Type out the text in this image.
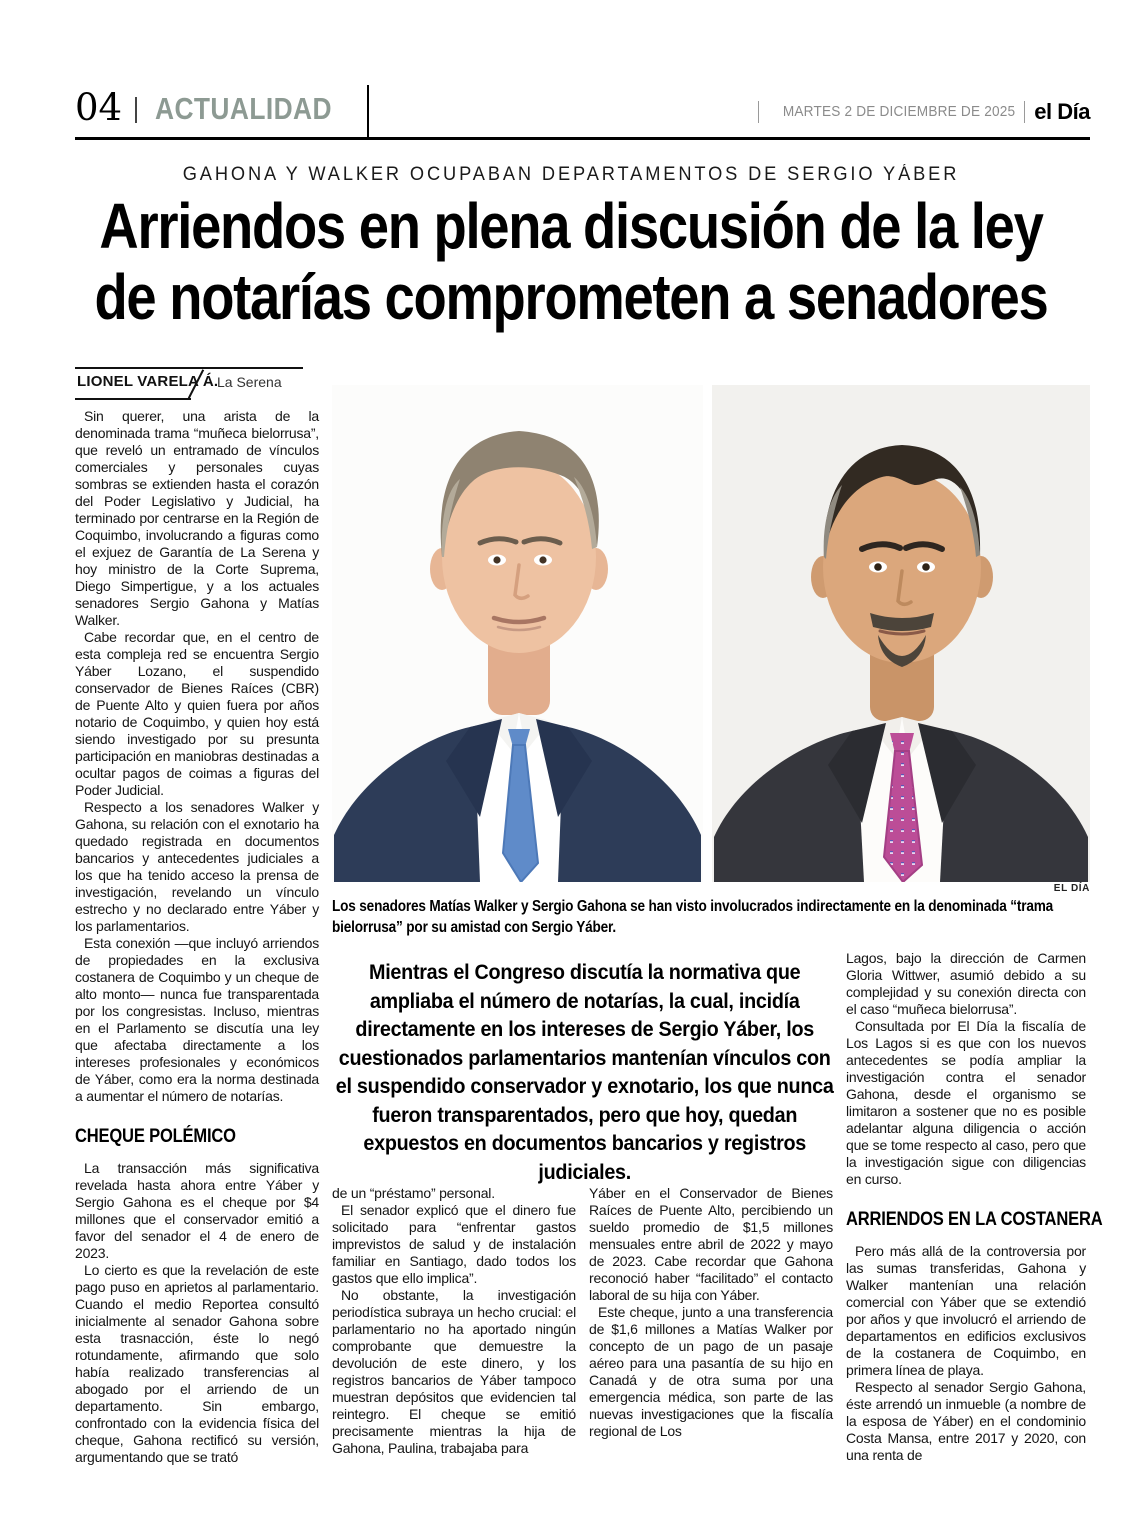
04 ACTUALIDAD	MARTES 2 DE DICIEMBRE DE 2025 el Día
GAHONA Y WALKER OCUPABAN DEPARTAMENTOS DE SERGIO YÁBER
Arriendos en plena discusión de la ley
de notarías comprometen a senadores
LIONEL VARELA Á.
La Serena

Sin querer, una arista de la denominada trama “muñeca bielorrusa”, que reveló un entramado de vínculos comerciales y personales cuyas sombras se extienden hasta el corazón del Poder Legislativo y Judicial, ha terminado por centrarse en la Región de Coquimbo, involucrando a figuras como el exjuez de Garantía de La Serena y hoy ministro de la Corte Suprema, Diego Simpertigue, y a los actuales senadores Sergio Gahona y Matías Walker.

Cabe recordar que, en el centro de esta compleja red se encuentra Sergio Yáber Lozano, el suspendido conservador de Bienes Raíces (CBR) de Puente Alto y quien fuera por años notario de Coquimbo, y quien hoy está siendo investigado por su presunta participación en maniobras destinadas a ocultar pagos de coimas a figuras del Poder Judicial.

Respecto a los senadores Walker y Gahona, su relación con el exnotario ha quedado registrada en documentos bancarios y antecedentes judiciales a los que ha tenido acceso la prensa de investigación, revelando un vínculo estrecho y no declarado entre Yáber y los parlamentarios.

Esta conexión —que incluyó arriendos de propiedades en la exclusiva costanera de Coquimbo y un cheque de alto monto— nunca fue transparentada por los congresistas. Incluso, mientras en el Parlamento se discutía una ley que afectaba directamente a los intereses profesionales y económicos de Yáber, como era la norma destinada a aumentar el número de notarías.

CHEQUE POLÉMICO

La transacción más significativa revelada hasta ahora entre Yáber y Sergio Gahona es el cheque por $4 millones que el conservador emitió a favor del senador el 4 de enero de 2023.

Lo cierto es que la revelación de este pago puso en aprietos al parlamentario. Cuando el medio Reportea consultó inicialmente al senador Gahona sobre esta trasnacción, éste lo negó rotundamente, afirmando que solo había realizado transferencias al abogado por el arriendo de un departamento. Sin embargo, confrontado con la evidencia física del cheque, Gahona rectificó su versión, argumentando que se trató

EL DÍA
Los senadores Matías Walker y Sergio Gahona se han visto involucrados indirectamente en la denominada “trama bielorrusa” por su amistad con Sergio Yáber.
Mientras el Congreso discutía la normativa que ampliaba el número de notarías, la cual, incidía directamente en los intereses de Sergio Yáber, los cuestionados parlamentarios mantenían vínculos con el suspendido conservador y exnotario, los que nunca fueron transparentados, pero que hoy, quedan expuestos en documentos bancarios y registros judiciales.

de un “préstamo” personal.

El senador explicó que el dinero fue solicitado para “enfrentar gastos imprevistos de salud y de instalación familiar en Santiago, dado todos los gastos que ello implica”.

No obstante, la investigación periodística subraya un hecho crucial: el parlamentario no ha aportado ningún comprobante que demuestre la devolución de este dinero, y los registros bancarios de Yáber tampoco muestran depósitos que evidencien tal reintegro. El cheque se emitió precisamente mientras la hija de Gahona, Paulina, trabajaba para

Yáber en el Conservador de Bienes Raíces de Puente Alto, percibiendo un sueldo promedio de $1,5 millones mensuales entre abril de 2022 y mayo de 2023. Cabe recordar que Gahona reconoció haber “facilitado” el contacto laboral de su hija con Yáber.

Este cheque, junto a una transferencia de $1,6 millones a Matías Walker por concepto de un pago de un pasaje aéreo para una pasantía de su hijo en Canadá y de otra suma por una emergencia médica, son parte de las nuevas investigaciones que la fiscalía regional de Los

Lagos, bajo la dirección de Carmen Gloria Wittwer, asumió debido a su complejidad y su conexión directa con el caso “muñeca bielorrusa”.

Consultada por El Día la fiscalía de Los Lagos si es que con los nuevos antecedentes se podía ampliar la investigación contra el senador Gahona, desde el organismo se limitaron a sostener que no es posible adelantar alguna diligencia o acción que se tome respecto al caso, pero que la investigación sigue con diligencias en curso.

ARRIENDOS EN LA COSTANERA

Pero más allá de la controversia por las sumas transferidas, Gahona y Walker mantenían una relación comercial con Yáber que se extendió por años y que involucró el arriendo de departamentos en edificios exclusivos de la costanera de Coquimbo, en primera línea de playa.

Respecto al senador Sergio Gahona, éste arrendó un inmueble (a nombre de la esposa de Yáber) en el condominio Costa Mansa, entre 2017 y 2020, con una renta de
